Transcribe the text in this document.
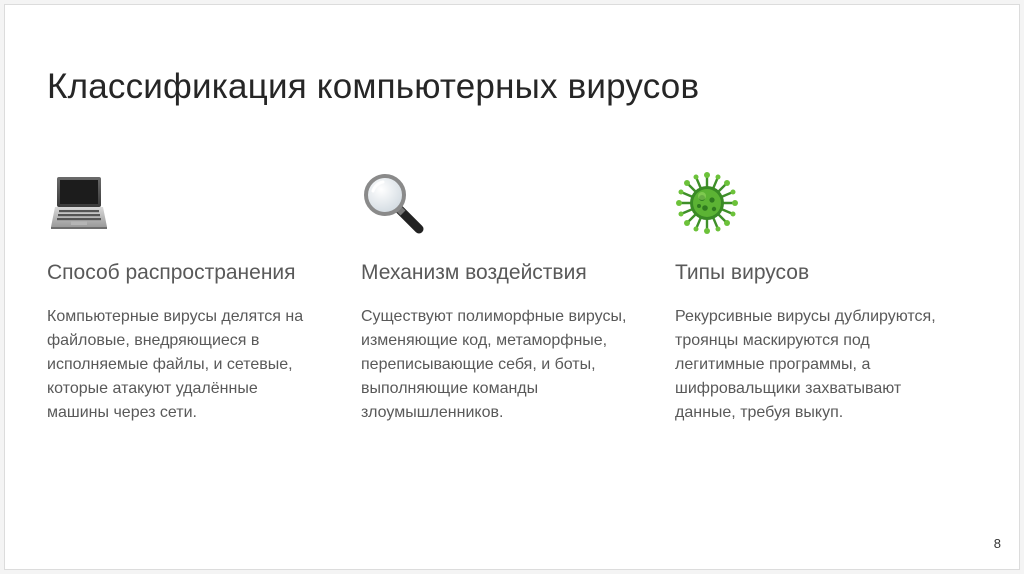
Классификация компьютерных вирусов
Способ распространения
Компьютерные вирусы делятся на файловые, внедряющиеся в исполняемые файлы, и сетевые, которые атакуют удалённые машины через сети.
Механизм воздействия
Существуют полиморфные вирусы, изменяющие код, метаморфные, переписывающие себя, и боты, выполняющие команды злоумышленников.
Типы вирусов
Рекурсивные вирусы дублируются, троянцы маскируются под легитимные программы, а шифровальщики захватывают данные, требуя выкуп.
8
